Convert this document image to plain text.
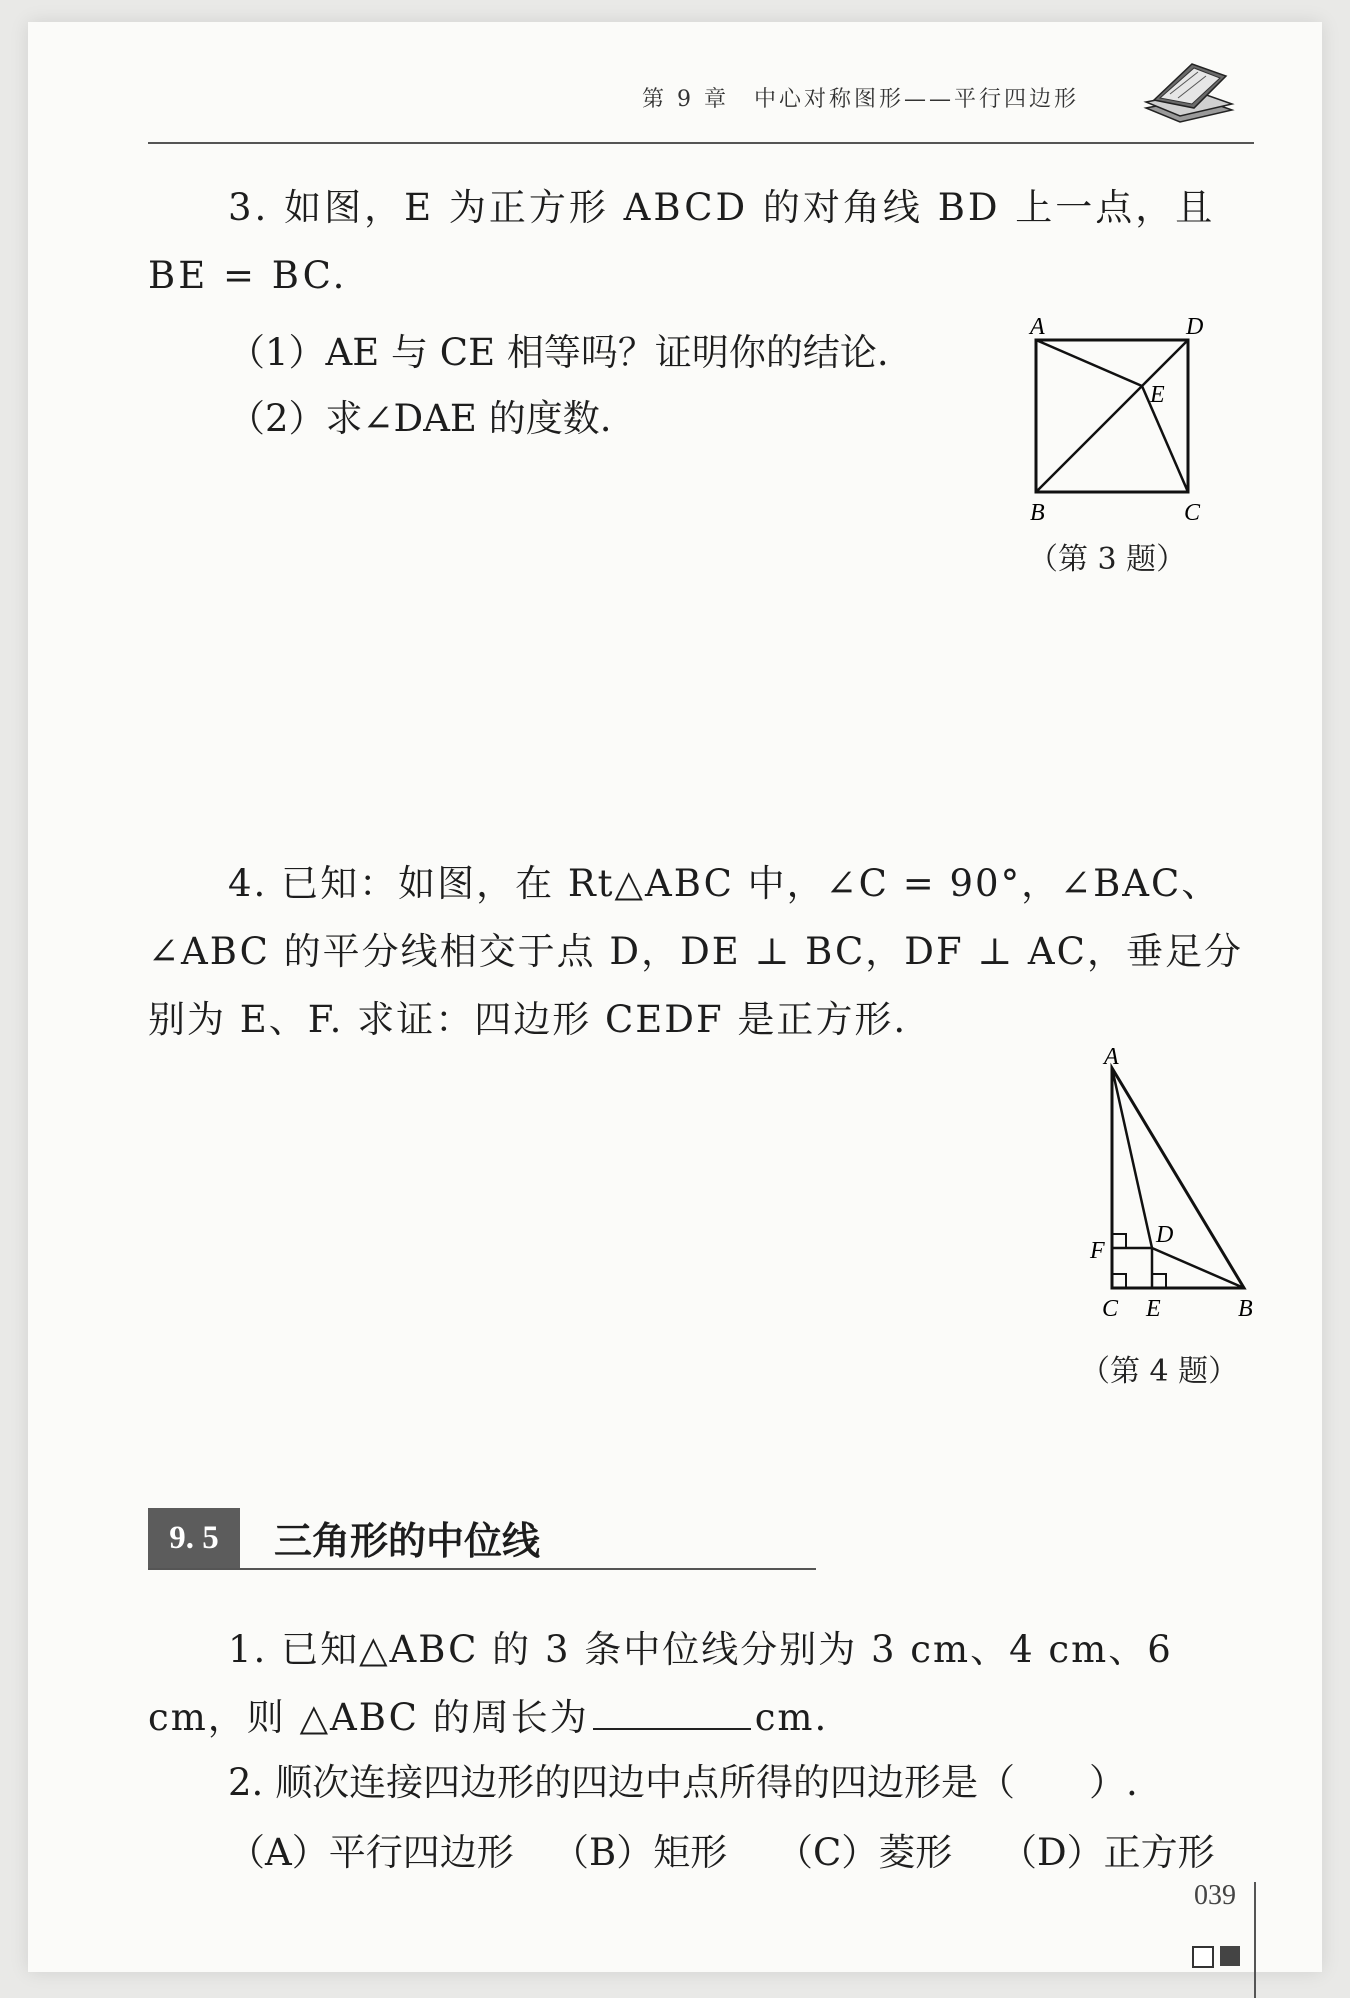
第 9 章　中心对称图形——平行四边形
3. 如图，E 为正方形 ABCD 的对角线 BD 上一点，且 BE = BC.
（1）AE 与 CE 相等吗？证明你的结论.
（2）求∠DAE 的度数.
A	D
E
B	C
（第 3 题）
4. 已知：如图，在 Rt△ABC 中，∠C = 90°，∠BAC、∠ABC 的平分线相交于点 D，DE ⊥ BC，DF ⊥ AC，垂足分别为 E、F. 求证：四边形 CEDF 是正方形.
A
F
D
C E	B
（第 4 题）
9. 5	三角形的中位线
1. 已知△ABC 的 3 条中位线分别为 3 cm、4 cm、6 cm，则 △ABC 的周长为	cm.
2. 顺次连接四边形的四边中点所得的四边形是（　　）.
（A）平行四边形 （B）矩形 （C）菱形 （D）正方形
039
